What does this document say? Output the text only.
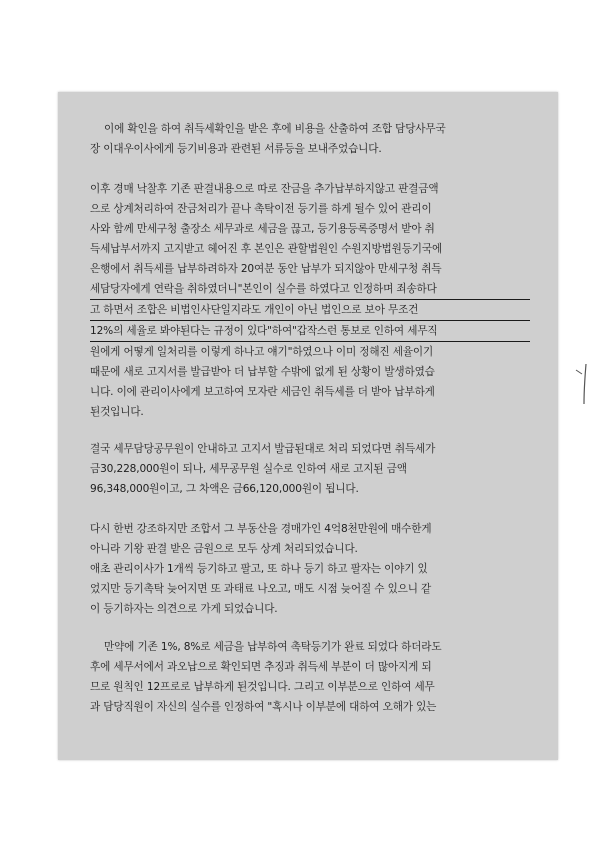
이에 확인을 하여 취득세확인을 받은 후에 비용을 산출하여 조합 담당사무국
장 이대우이사에게 등기비용과 관련된 서류등을 보내주었습니다.
이후 경매 낙찰후 기존 판결내용으로 따로 잔금을 추가납부하지않고 판결금액
으로 상계처리하여 잔금처리가 끝나 촉탁이전 등기를 하게 될수 있어 관리이
사와 함께 만세구청 출장소 세무과로 세금을 끊고, 등기용등록증명서 받아 취
득세납부서까지 고지받고 헤어진 후 본인은 관할법원인 수원지방법원등기국에
은행에서 취득세를 납부하려하자 20여분 동안 납부가 되지않아 만세구청 취득
세담당자에게 연락을 취하였더니"본인이 실수를 하였다고 인정하며 죄송하다
고 하면서 조합은 비법인사단일지라도 개인이 아닌 법인으로 보아 무조건
12%의 세율로 봐야된다는 규정이 있다"하여"갑작스런 통보로 인하여 세무직
원에게 어떻게 일처리를 이렇게 하나고 얘기"하였으나 이미 정해진 세율이기
때문에 새로 고지서를 발급받아 더 납부할 수밖에 없게 된 상황이 발생하였습
니다. 이에 관리이사에게 보고하여 모자란 세금인 취득세를 더 받아 납부하게
된것입니다.
결국 세무담당공무원이 안내하고 고지서 발급된대로 처리 되었다면 취득세가
금30,228,000원이 되나, 세무공무원 실수로 인하여 새로 고지된 금액
96,348,000원이고, 그 차액은 금66,120,000원이 됩니다.
다시 한번 강조하지만 조합서 그 부동산을 경매가인 4억8천만원에 매수한게
아니라 기왕 판결 받은 금원으로 모두 상계 처리되었습니다.
애초 관리이사가 1개씩 등기하고 팔고, 또 하나 등기 하고 팔자는 이야기 있
었지만 등기촉탁 늦어지면 또 과태료 나오고, 매도 시점 늦어질 수 있으니 같
이 등기하자는 의견으로 가게 되었습니다.
만약에 기존 1%, 8%로 세금을 납부하여 촉탁등기가 완료 되었다 하더라도
후에 세무서에서 과오납으로 확인되면 추징과 취득세 부분이 더 많아지게 되
므로 원칙인 12프로로 납부하게 된것입니다. 그리고 이부분으로 인하여 세무
과 담당직원이 자신의 실수를 인정하여 "혹시나 이부분에 대하여 오해가 있는
